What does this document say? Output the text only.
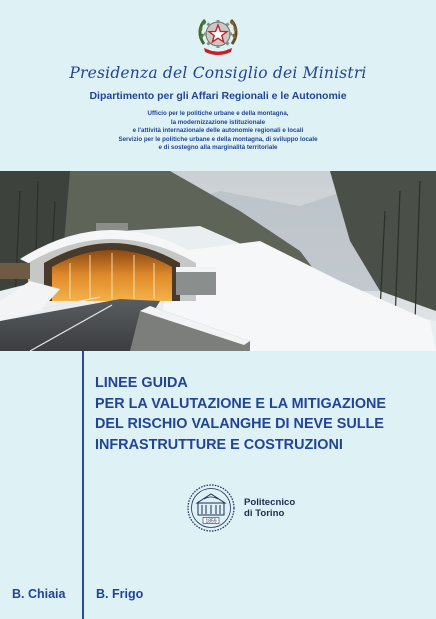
Presidenza del Consiglio dei Ministri
Dipartimento per gli Affari Regionali e le Autonomie
Ufficio per le politiche urbane e della montagna,
la modernizzazione istituzionale
e l'attività internazionale delle autonomie regionali e locali
Servizio per le politiche urbane e della montagna, di sviluppo locale
e di sostegno alla marginalità territoriale
LINEE GUIDA
PER LA VALUTAZIONE E LA MITIGAZIONE
DEL RISCHIO VALANGHE DI NEVE SULLE
INFRASTRUTTURE E COSTRUZIONI
1859
Politecnico
di Torino
B. Chiaia B. Frigo
